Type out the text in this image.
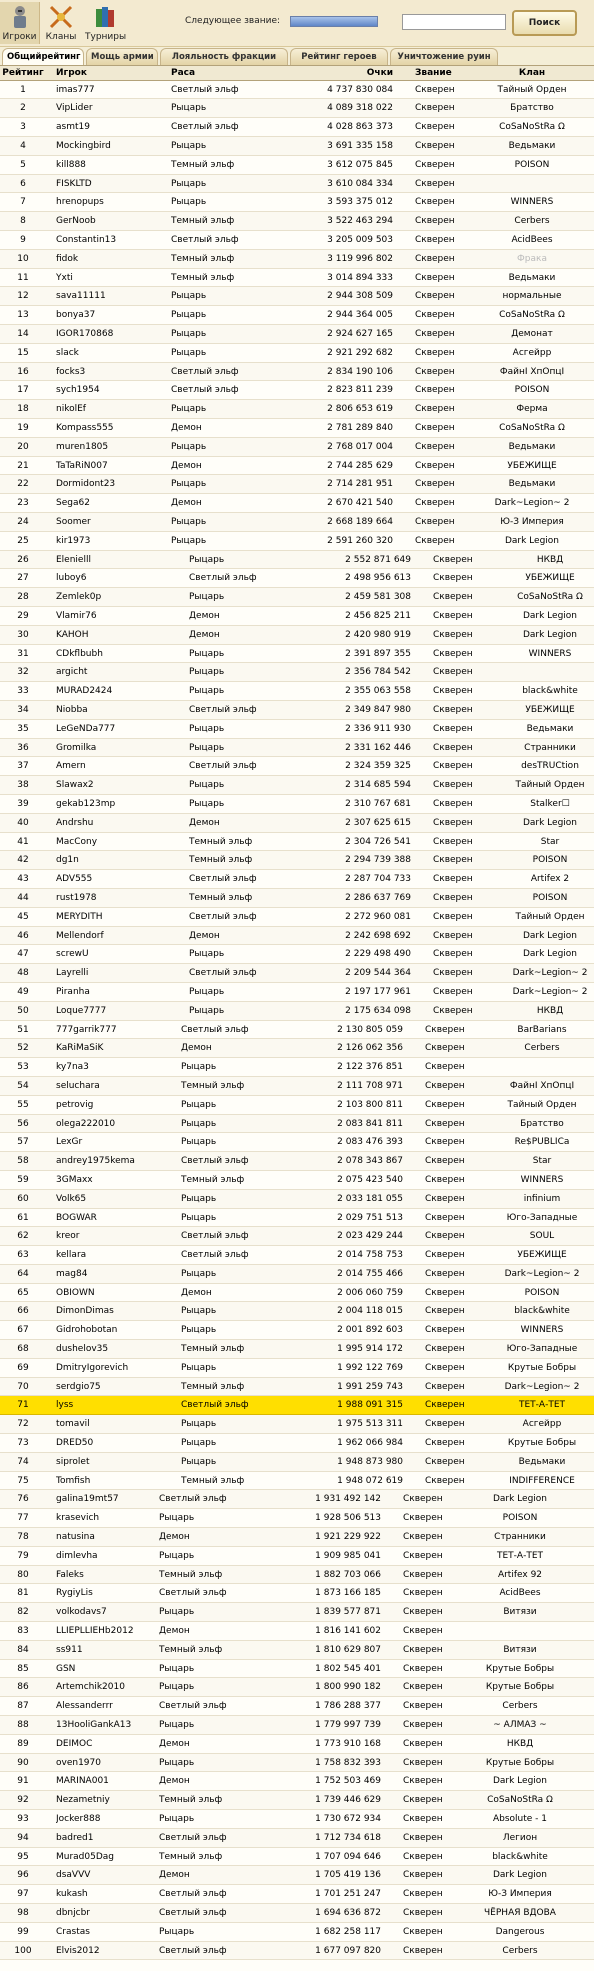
Игроки	Кланы Турниры
Следующее звание:	Поиск
Общийрейтинг	Мощь армии	Лояльность фракции	Рейтинг героев	Уничтожение руин
Рейтинг Игрок	Раса	Очки Звание	Клан
1	imas777	Светлый эльф	4 737 830 084 Скверен	Тайный Орден
2	VipLider	Рыцарь	4 089 318 022 Скверен	Братство
3	asmt19	Светлый эльф	4 028 863 373 Скверен	CoSaNoStRa Ω
4	Mockingbird	Рыцарь	3 691 335 158 Скверен	Ведьмаки
5	kill888	Темный эльф	3 612 075 845 Скверен	POISON
6	FISKLTD	Рыцарь	3 610 084 334 Скверен
7	hrenopups	Рыцарь	3 593 375 012 Скверен	WINNERS
8	GerNoob	Темный эльф	3 522 463 294 Скверен	Cerbers
9	Constantin13	Светлый эльф	3 205 009 503 Скверен	AcidBees
10	fidok	Темный эльф	3 119 996 802 Скверен	Фрака
11	Yxti	Темный эльф	3 014 894 333 Скверен	Ведьмаки
12	sava11111	Рыцарь	2 944 308 509 Скверен	нормальные
13	bonya37	Рыцарь	2 944 364 005 Скверен	CoSaNoStRa Ω
14	IGOR170868	Рыцарь	2 924 627 165 Скверен	Демонат
15	slack	Рыцарь	2 921 292 682 Скверен	Асгейрр
16	focks3	Светлый эльф	2 834 190 106 Скверен	ФайнI ХпОпцI
17	sych1954	Светлый эльф	2 823 811 239 Скверен	POISON
18	nikolEf	Рыцарь	2 806 653 619 Скверен	Ферма
19	Kompass555	Демон	2 781 289 840 Скверен	CoSaNoStRa Ω
20	muren1805	Рыцарь	2 768 017 004 Скверен	Ведьмаки
21	TaTaRiN007	Демон	2 744 285 629 Скверен	УБЕЖИЩЕ
22	Dormidont23	Рыцарь	2 714 281 951 Скверен	Ведьмаки
23	Sega62	Демон	2 670 421 540 Скверен	Dark~Legion~ 2
24	Soomer	Рыцарь	2 668 189 664 Скверен	Ю-З Империя
25	kir1973	Рыцарь	2 591 260 320 Скверен	Dark Legion
26	Elenielll	Рыцарь	2 552 871 649 Скверен	НКВД
27	luboy6	Светлый эльф	2 498 956 613 Скверен	УБЕЖИЩЕ
28	Zemlek0p	Рыцарь	2 459 581 308 Скверен	CoSaNoStRa Ω
29	Vlamir76	Демон	2 456 825 211 Скверен	Dark Legion
30	KAHOH	Демон	2 420 980 919 Скверен	Dark Legion
31	CDkflbubh	Рыцарь	2 391 897 355 Скверен	WINNERS
32	argicht	Рыцарь	2 356 784 542 Скверен
33	MURAD2424	Рыцарь	2 355 063 558 Скверен	black&white
34	Niobba	Светлый эльф	2 349 847 980 Скверен	УБЕЖИЩЕ
35	LeGeNDa777	Рыцарь	2 336 911 930 Скверен	Ведьмаки
36	Gromilka	Рыцарь	2 331 162 446 Скверен	Странники
37	Amern	Светлый эльф	2 324 359 325 Скверен	desTRUCtion
38	Slawax2	Рыцарь	2 314 685 594 Скверен	Тайный Орден
39	gekab123mp	Рыцарь	2 310 767 681 Скверен	Stalker☐
40	Andrshu	Демон	2 307 625 615 Скверен	Dark Legion
41	MacCony	Темный эльф	2 304 726 541 Скверен	Star
42	dg1n	Темный эльф	2 294 739 388 Скверен	POISON
43	ADV555	Светлый эльф	2 287 704 733 Скверен	Artifex 2
44	rust1978	Темный эльф	2 286 637 769 Скверен	POISON
45	MERYDITH	Светлый эльф	2 272 960 081 Скверен	Тайный Орден
46	Mellendorf	Демон	2 242 698 692 Скверен	Dark Legion
47	screwU	Рыцарь	2 229 498 490 Скверен	Dark Legion
48	Layrelli	Светлый эльф	2 209 544 364 Скверен	Dark~Legion~ 2
49	Piranha	Рыцарь	2 197 177 961 Скверен	Dark~Legion~ 2
50	Loque7777	Рыцарь	2 175 634 098 Скверен	НКВД
51	777garrik777	Светлый эльф	2 130 805 059 Скверен	BarBarians
52	KaRiMaSiK	Демон	2 126 062 356 Скверен	Cerbers
53	ky7na3	Рыцарь	2 122 376 851 Скверен
54	seluchara	Темный эльф	2 111 708 971 Скверен	ФайнI ХпОпцI
55	petrovig	Рыцарь	2 103 800 811 Скверен	Тайный Орден
56	olega222010	Рыцарь	2 083 841 811 Скверен	Братство
57	LexGr	Рыцарь	2 083 476 393 Скверен	Re$PUBLICa
58	andrey1975kema	Светлый эльф	2 078 343 867 Скверен	Star
59	3GMaxx	Темный эльф	2 075 423 540 Скверен	WINNERS
60	Volk65	Рыцарь	2 033 181 055 Скверен	infinium
61	BOGWAR	Рыцарь	2 029 751 513 Скверен	Юго-Западные
62	kreor	Светлый эльф	2 023 429 244 Скверен	SOUL
63	kellara	Светлый эльф	2 014 758 753 Скверен	УБЕЖИЩЕ
64	mag84	Рыцарь	2 014 755 466 Скверен	Dark~Legion~ 2
65	OBIOWN	Демон	2 006 060 759 Скверен	POISON
66	DimonDimas	Рыцарь	2 004 118 015 Скверен	black&white
67	Gidrohobotan	Рыцарь	2 001 892 603 Скверен	WINNERS
68	dushelov35	Темный эльф	1 995 914 172 Скверен	Юго-Западные
69	DmitryIgorevich	Рыцарь	1 992 122 769 Скверен	Крутые Бобры
70	serdgio75	Темный эльф	1 991 259 743 Скверен	Dark~Legion~ 2
71	lyss	Светлый эльф	1 988 091 315 Скверен	ТЕТ-А-ТЕТ
72	tomavil	Рыцарь	1 975 513 311 Скверен	Асгейрр
73	DRED50	Рыцарь	1 962 066 984 Скверен	Крутые Бобры
74	siprolet	Рыцарь	1 948 873 980 Скверен	Ведьмаки
75	Tomfish	Темный эльф	1 948 072 619 Скверен	INDIFFERENCE
76	galina19mt57	Светлый эльф	1 931 492 142 Скверен	Dark Legion
77	krasevich	Рыцарь	1 928 506 513 Скверен	POISON
78	natusina	Демон	1 921 229 922 Скверен	Странники
79	dimlevha	Рыцарь	1 909 985 041 Скверен	ТЕТ-А-ТЕТ
80	Faleks	Темный эльф	1 882 703 066 Скверен	Artifex 92
81	RygiyLis	Светлый эльф	1 873 166 185 Скверен	AcidBees
82	volkodavs7	Рыцарь	1 839 577 871 Скверен	Витязи
83	LLIEPLLIEHb2012	Демон	1 816 141 602 Скверен
84	ss911	Темный эльф	1 810 629 807 Скверен	Витязи
85	GSN	Рыцарь	1 802 545 401 Скверен	Крутые Бобры
86	Artemchik2010	Рыцарь	1 800 990 182 Скверен	Крутые Бобры
87	Alessanderrr	Светлый эльф	1 786 288 377 Скверен	Cerbers
88	13HooliGankA13	Рыцарь	1 779 997 739 Скверен	~ АЛМАЗ ~
89	DEIMOC	Демон	1 773 910 168 Скверен	НКВД
90	oven1970	Рыцарь	1 758 832 393 Скверен	Крутые Бобры
91	MARINA001	Демон	1 752 503 469 Скверен	Dark Legion
92	Nezametniy	Темный эльф	1 739 446 629 Скверен	CoSaNoStRa Ω
93	Jocker888	Рыцарь	1 730 672 934 Скверен	Absolute - 1
94	badred1	Светлый эльф	1 712 734 618 Скверен	Легион
95	Murad05Dag	Темный эльф	1 707 094 646 Скверен	black&white
96	dsaVVV	Демон	1 705 419 136 Скверен	Dark Legion
97	kukash	Светлый эльф	1 701 251 247 Скверен	Ю-З Империя
98	dbnjcbr	Светлый эльф	1 694 636 872 Скверен	ЧЁРНАЯ ВДОВА
99	Crastas	Рыцарь	1 682 258 117 Скверен	Dangerous
100	Elvis2012	Светлый эльф	1 677 097 820 Скверен	Cerbers
